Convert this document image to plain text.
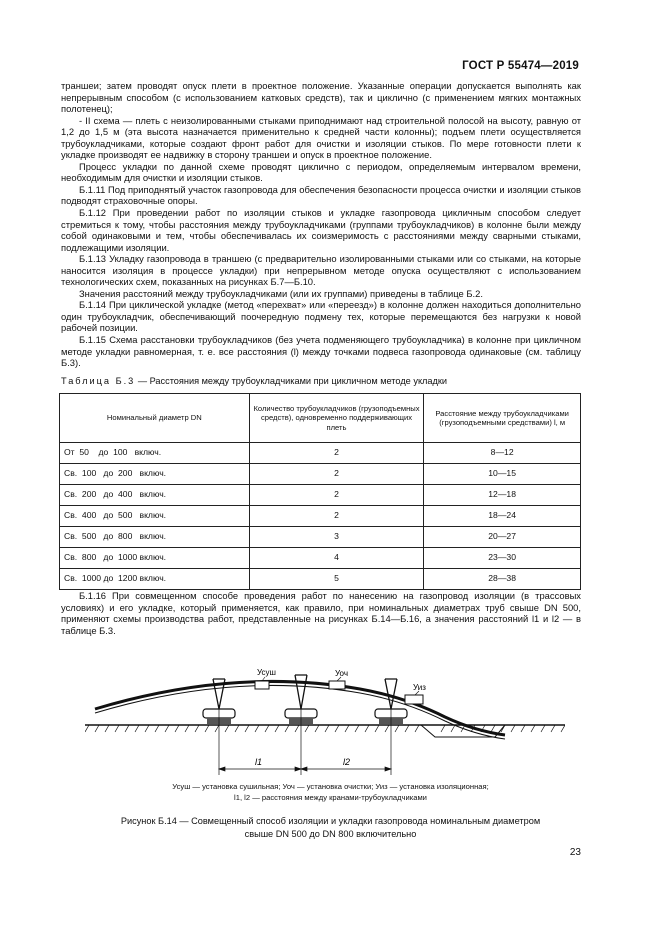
ГОСТ Р 55474—2019

траншеи; затем проводят опуск плети в проектное положение. Указанные операции допускается выполнять как непрерывным способом (с использованием катковых средств), так и циклично (с применением мягких монтажных полотенец);

- II схема — плеть с неизолированными стыками приподнимают над строительной полосой на высоту, равную от 1,2 до 1,5 м (эта высота назначается применительно к средней части колонны); подъем плети осуществляется трубоукладчиками, которые создают фронт работ для очистки и изоляции стыков. По мере готовности плети к укладке производят ее надвижку в сторону траншеи и опуск в проектное положение.

Процесс укладки по данной схеме проводят циклично с периодом, определяемым интервалом времени, необходимым для очистки и изоляции стыков.

Б.1.11 Под приподнятый участок газопровода для обеспечения безопасности процесса очистки и изоляции стыков подводят страховочные опоры.

Б.1.12 При проведении работ по изоляции стыков и укладке газопровода цикличным способом следует стремиться к тому, чтобы расстояния между трубоукладчиками (группами трубоукладчиков) в колонне были между собой одинаковыми и тем, чтобы обеспечивалась их соизмеримость с расстояниями между сварными стыками, подлежащими изоляции.

Б.1.13 Укладку газопровода в траншею (с предварительно изолированными стыками или со стыками, на которые наносится изоляция в процессе укладки) при непрерывном методе опуска осуществляют с использованием технологических схем, показанных на рисунках Б.7—Б.10.

Значения расстояний между трубоукладчиками (или их группами) приведены в таблице Б.2.

Б.1.14 При циклической укладке (метод «перехват» или «переезд») в колонне должен находиться дополнительно один трубоукладчик, обеспечивающий поочередную подмену тех, которые перемещаются без нагрузки к новой рабочей позиции.

Б.1.15 Схема расстановки трубоукладчиков (без учета подменяющего трубоукладчика) в колонне при цикличном методе укладки равномерная, т. е. все расстояния (l) между точками подвеса газопровода одинаковые (см. таблицу Б.3).

Таблица Б.3 — Расстояния между трубоукладчиками при цикличном методе укладки
Номинальный диаметр DN	Количество трубоукладчиков (грузоподъемных средств), одновременно поддерживающих плеть	Расстояние между трубоукладчиками (грузоподъемными средствами) l, м
От  50    до  100   включ.	2	8—12
Св.  100   до  200   включ.	2	10—15
Св.  200   до  400   включ.	2	12—18
Св.  400   до  500   включ.	2	18—24
Св.  500   до  800   включ.	3	20—27
Св.  800   до  1000 включ.	4	23—30
Св.  1000 до  1200 включ.	5	28—38

Б.1.16 При совмещенном способе проведения работ по нанесению на газопровод изоляции (в трассовых условиях) и его укладке, который применяется, как правило, при номинальных диаметрах труб свыше DN 500, применяют схемы производства работ, представленные на рисунках Б.14—Б.16, а значения расстояний l1 и l2 — в таблице Б.3.

Усуш	Уоч
Уиз
l1	l2
Усуш — установка сушильная; Уоч — установка очистки; Уиз — установка изоляционная;
l1, l2 — расстояния между кранами-трубоукладчиками
Рисунок Б.14 — Совмещенный способ изоляции и укладки газопровода номинальным диаметром
свыше DN 500 до DN 800 включительно
23
